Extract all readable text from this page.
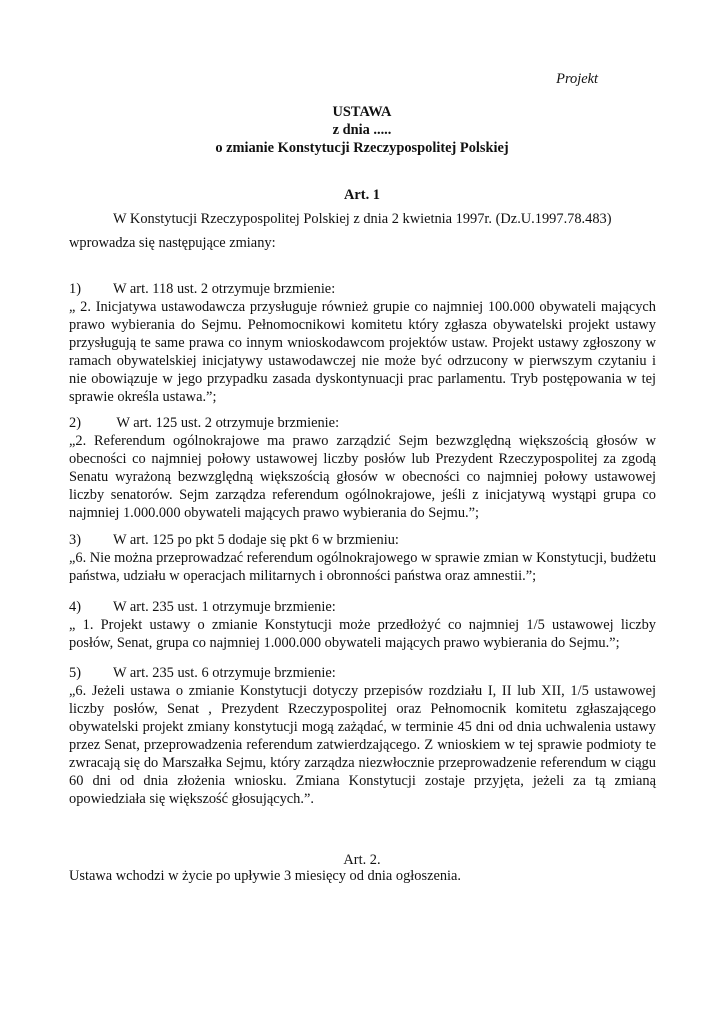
Projekt
USTAWA
z dnia .....
o zmianie Konstytucji Rzeczypospolitej Polskiej
Art. 1
W Konstytucji Rzeczypospolitej Polskiej z dnia 2 kwietnia 1997r. (Dz.U.1997.78.483)
wprowadza się następujące zmiany:
1) W art. 118 ust. 2 otrzymuje brzmienie:
„ 2. Inicjatywa ustawodawcza przysługuje również grupie co najmniej 100.000 obywateli mających prawo wybierania do Sejmu. Pełnomocnikowi komitetu który zgłasza obywatelski projekt ustawy przysługują te same prawa co innym wnioskodawcom projektów ustaw. Projekt ustawy zgłoszony w ramach obywatelskiej inicjatywy ustawodawczej nie może być odrzucony w pierwszym czytaniu i nie obowiązuje w jego przypadku zasada dyskontynuacji prac parlamentu. Tryb postępowania w tej sprawie określa ustawa.”;
2) W art. 125 ust. 2 otrzymuje brzmienie:
„2. Referendum ogólnokrajowe ma prawo zarządzić Sejm bezwzględną większością głosów w obecności co najmniej połowy ustawowej liczby posłów lub Prezydent Rzeczypospolitej za zgodą Senatu wyrażoną bezwzględną większością głosów w obecności co najmniej połowy ustawowej liczby senatorów. Sejm zarządza referendum ogólnokrajowe, jeśli z inicjatywą wystąpi grupa co najmniej 1.000.000 obywateli mających prawo wybierania do Sejmu.”;
3) W art. 125 po pkt 5 dodaje się pkt 6 w brzmieniu:
„6. Nie można przeprowadzać referendum ogólnokrajowego w sprawie zmian w Konstytucji, budżetu państwa, udziału w operacjach militarnych i obronności państwa oraz amnestii.”;
4) W art. 235 ust. 1 otrzymuje brzmienie:
„ 1. Projekt ustawy o zmianie Konstytucji może przedłożyć co najmniej 1/5 ustawowej liczby posłów, Senat, grupa co najmniej 1.000.000 obywateli mających prawo wybierania do Sejmu.”;
5) W art. 235 ust. 6 otrzymuje brzmienie:
„6. Jeżeli ustawa o zmianie Konstytucji dotyczy przepisów rozdziału I, II lub XII, 1/5 ustawowej liczby posłów, Senat , Prezydent Rzeczypospolitej oraz Pełnomocnik komitetu zgłaszającego obywatelski projekt zmiany konstytucji mogą zażądać, w terminie 45 dni od dnia uchwalenia ustawy przez Senat, przeprowadzenia referendum zatwierdzającego. Z wnioskiem w tej sprawie podmioty te zwracają się do Marszałka Sejmu, który zarządza niezwłocznie przeprowadzenie referendum w ciągu 60 dni od dnia złożenia wniosku. Zmiana Konstytucji zostaje przyjęta, jeżeli za tą zmianą opowiedziała się większość głosujących.”.
Art. 2.
Ustawa wchodzi w życie po upływie 3 miesięcy od dnia ogłoszenia.
